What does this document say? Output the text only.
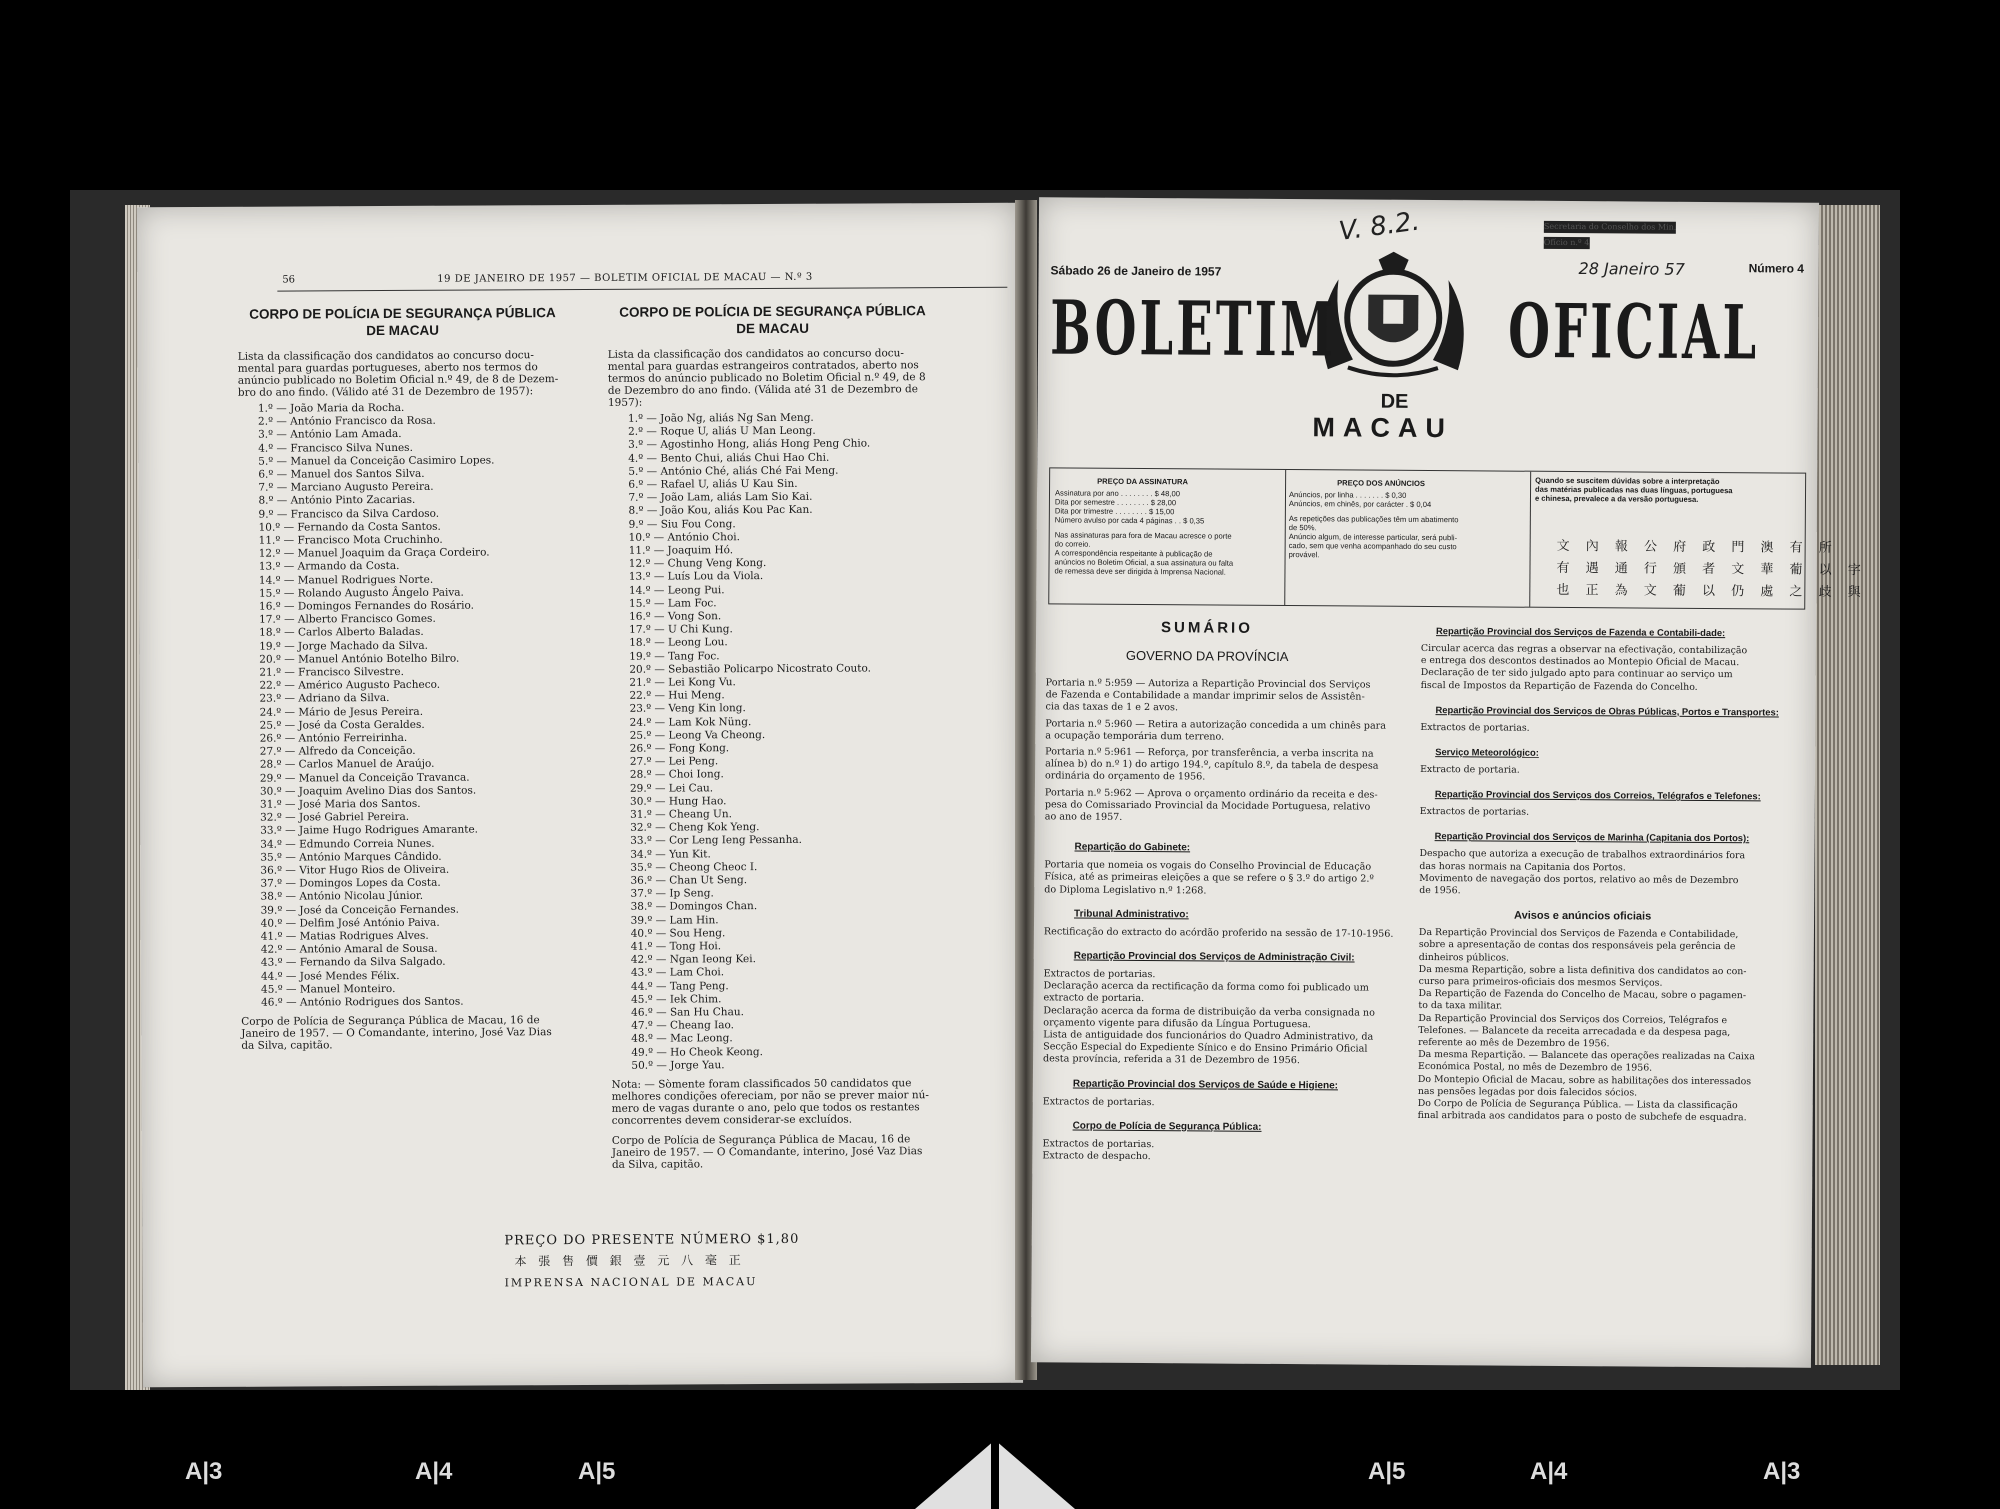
56	19 DE JANEIRO DE 1957 — BOLETIM OFICIAL DE MACAU — N.º 3
PREÇO DO PRESENTE NÚMERO $1,80
本 張 售 價 銀 壹 元 八 毫 正
IMPRENSA NACIONAL DE MACAU
CORPO DE POLÍCIA DE SEGURANÇA PÚBLICA
DE MACAU
Lista da classificação dos candidatos ao concurso docu-
mental para guardas portugueses, aberto nos termos do
anúncio publicado no Boletim Oficial n.º 49, de 8 de Dezem-
bro do ano findo. (Válido até 31 de Dezembro de 1957):
1.º — João Maria da Rocha.
2.º — António Francisco da Rosa.
3.º — António Lam Amada.
4.º — Francisco Silva Nunes.
5.º — Manuel da Conceição Casimiro Lopes.
6.º — Manuel dos Santos Silva.
7.º — Marciano Augusto Pereira.
8.º — António Pinto Zacarias.
9.º — Francisco da Silva Cardoso.
10.º — Fernando da Costa Santos.
11.º — Francisco Mota Cruchinho.
12.º — Manuel Joaquim da Graça Cordeiro.
13.º — Armando da Costa.
14.º — Manuel Rodrigues Norte.
15.º — Rolando Augusto Ângelo Paiva.
16.º — Domingos Fernandes do Rosário.
17.º — Alberto Francisco Gomes.
18.º — Carlos Alberto Baladas.
19.º — Jorge Machado da Silva.
20.º — Manuel António Botelho Bilro.
21.º — Francisco Silvestre.
22.º — Américo Augusto Pacheco.
23.º — Adriano da Silva.
24.º — Mário de Jesus Pereira.
25.º — José da Costa Geraldes.
26.º — António Ferreirinha.
27.º — Alfredo da Conceição.
28.º — Carlos Manuel de Araújo.
29.º — Manuel da Conceição Travanca.
30.º — Joaquim Avelino Dias dos Santos.
31.º — José Maria dos Santos.
32.º — José Gabriel Pereira.
33.º — Jaime Hugo Rodrigues Amarante.
34.º — Edmundo Correia Nunes.
35.º — António Marques Cândido.
36.º — Vitor Hugo Rios de Oliveira.
37.º — Domingos Lopes da Costa.
38.º — António Nicolau Júnior.
39.º — José da Conceição Fernandes.
40.º — Delfim José António Paiva.
41.º — Matias Rodrigues Alves.
42.º — António Amaral de Sousa.
43.º — Fernando da Silva Salgado.
44.º — José Mendes Félix.
45.º — Manuel Monteiro.
46.º — António Rodrigues dos Santos.
Corpo de Polícia de Segurança Pública de Macau, 16 de
Janeiro de 1957. — O Comandante, interino, José Vaz Dias
da Silva, capitão.
CORPO DE POLÍCIA DE SEGURANÇA PÚBLICA
DE MACAU
Lista da classificação dos candidatos ao concurso docu-
mental para guardas estrangeiros contratados, aberto nos
termos do anúncio publicado no Boletim Oficial n.º 49, de 8
de Dezembro do ano findo. (Válida até 31 de Dezembro de
1957):
1.º — João Ng, aliás Ng San Meng.
2.º — Roque U, aliás U Man Leong.
3.º — Agostinho Hong, aliás Hong Peng Chio.
4.º — Bento Chui, aliás Chui Hao Chi.
5.º — António Ché, aliás Ché Fai Meng.
6.º — Rafael U, aliás U Kau Sin.
7.º — João Lam, aliás Lam Sio Kai.
8.º — João Kou, aliás Kou Pac Kan.
9.º — Siu Fou Cong.
10.º — António Choi.
11.º — Joaquim Hó.
12.º — Chung Veng Kong.
13.º — Luís Lou da Viola.
14.º — Leong Pui.
15.º — Lam Foc.
16.º — Vong Son.
17.º — U Chi Kung.
18.º — Leong Lou.
19.º — Tang Foc.
20.º — Sebastião Policarpo Nicostrato Couto.
21.º — Lei Kong Vu.
22.º — Hui Meng.
23.º — Veng Kin long.
24.º — Lam Kok Nüng.
25.º — Leong Va Cheong.
26.º — Fong Kong.
27.º — Lei Peng.
28.º — Choi Iong.
29.º — Lei Cau.
30.º — Hung Hao.
31.º — Cheang Un.
32.º — Cheng Kok Yeng.
33.º — Cor Leng Ieng Pessanha.
34.º — Yun Kit.
35.º — Cheong Cheoc I.
36.º — Chan Ut Seng.
37.º — Ip Seng.
38.º — Domingos Chan.
39.º — Lam Hin.
40.º — Sou Heng.
41.º — Tong Hoi.
42.º — Ngan Ieong Kei.
43.º — Lam Choi.
44.º — Tang Peng.
45.º — Iek Chim.
46.º — San Hu Chau.
47.º — Cheang Iao.
48.º — Mac Leong.
49.º — Ho Cheok Keong.
50.º — Jorge Yau.
Nota: — Sòmente foram classificados 50 candidatos que
melhores condições ofereciam, por não se prever maior nú-
mero de vagas durante o ano, pelo que todos os restantes
concorrentes devem considerar-se excluídos.
Corpo de Polícia de Segurança Pública de Macau, 16 de
Janeiro de 1957. — O Comandante, interino, José Vaz Dias
da Silva, capitão.
Sábado 26 de Janeiro de 1957	Número 4
Secretaria do Conselho dos Min.
Ofício n.º 4
V. 8.2.
28 Janeiro 57
BOLETIM	OFICIAL
DE
MACAU
SUMÁRIO
GOVERNO DA PROVÍNCIA
PREÇO DA ASSINATURA
Assinatura por ano . . . . . . . . $ 48,00
Dita por semestre . . . . . . . . $ 28,00
Dita por trimestre . . . . . . . . $ 15,00
Número avulso por cada 4 páginas . . $ 0,35
Nas assinaturas para fora de Macau acresce o porte
do correio.
A correspondência respeitante à publicação de
anúncios no Boletim Oficial, a sua assinatura ou falta
de remessa deve ser dirigida à Imprensa Nacional.
PREÇO DOS ANÚNCIOS
Anúncios, por linha . . . . . . . $ 0,30
Anúncios, em chinês, por carácter . $ 0,04
As repetições das publicações têm um abatimento
de 50%.
Anúncio algum, de interesse particular, será publi-
cado, sem que venha acompanhado do seu custo
provável.
Quando se suscitem dúvidas sobre a interpretação
das matérias publicadas nas duas línguas, portuguesa
e chinesa, prevalece a da versão portuguesa.
文 內 報 公 府 政 門 澳 有 所
有 遇 通 行 頒 者 文 華 葡 以 字
也 正 為 文 葡 以 仍 處 之 歧 與
Portaria n.º 5:959 — Autoriza a Repartição Provincial dos Serviços
de Fazenda e Contabilidade a mandar imprimir selos de Assistên-
cia das taxas de 1 e 2 avos.
Portaria n.º 5:960 — Retira a autorização concedida a um chinês para
a ocupação temporária dum terreno.
Portaria n.º 5:961 — Reforça, por transferência, a verba inscrita na
alínea b) do n.º 1) do artigo 194.º, capítulo 8.º, da tabela de despesa
ordinária do orçamento de 1956.
Portaria n.º 5:962 — Aprova o orçamento ordinário da receita e des-
pesa do Comissariado Provincial da Mocidade Portuguesa, relativo
ao ano de 1957.
Repartição do Gabinete:
Portaria que nomeia os vogais do Conselho Provincial de Educação
Física, até as primeiras eleições a que se refere o § 3.º do artigo 2.º
do Diploma Legislativo n.º 1:268.
Tribunal Administrativo:
Rectificação do extracto do acórdão proferido na sessão de 17-10-1956.
Repartição Provincial dos Serviços de Administração Civil:
Extractos de portarias.
Declaração acerca da rectificação da forma como foi publicado um
extracto de portaria.
Declaração acerca da forma de distribuição da verba consignada no
orçamento vigente para difusão da Língua Portuguesa.
Lista de antiguidade dos funcionários do Quadro Administrativo, da
Secção Especial do Expediente Sínico e do Ensino Primário Oficial
desta província, referida a 31 de Dezembro de 1956.
Repartição Provincial dos Serviços de Saúde e Higiene:
Extractos de portarias.
Corpo de Polícia de Segurança Pública:
Extractos de portarias.
Extracto de despacho.
Repartição Provincial dos Serviços de Fazenda e Contabili-dade:
Circular acerca das regras a observar na efectivação, contabilização
e entrega dos descontos destinados ao Montepio Oficial de Macau.
Declaração de ter sido julgado apto para continuar ao serviço um
fiscal de Impostos da Repartição de Fazenda do Concelho.
Repartição Provincial dos Serviços de Obras Públicas, Portos e Transportes:
Extractos de portarias.
Serviço Meteorológico:
Extracto de portaria.
Repartição Provincial dos Serviços dos Correios, Telégrafos e Telefones:
Extractos de portarias.
Repartição Provincial dos Serviços de Marinha (Capitania dos Portos):
Despacho que autoriza a execução de trabalhos extraordinários fora
das horas normais na Capitania dos Portos.
Movimento de navegação dos portos, relativo ao mês de Dezembro
de 1956.
Avisos e anúncios oficiais
Da Repartição Provincial dos Serviços de Fazenda e Contabilidade,
sobre a apresentação de contas dos responsáveis pela gerência de
dinheiros públicos.
Da mesma Repartição, sobre a lista definitiva dos candidatos ao con-
curso para primeiros-oficiais dos mesmos Serviços.
Da Repartição de Fazenda do Concelho de Macau, sobre o pagamen-
to da taxa militar.
Da Repartição Provincial dos Serviços dos Correios, Telégrafos e
Telefones. — Balancete da receita arrecadada e da despesa paga,
referente ao mês de Dezembro de 1956.
Da mesma Repartição. — Balancete das operações realizadas na Caixa
Económica Postal, no mês de Dezembro de 1956.
Do Montepio Oficial de Macau, sobre as habilitações dos interessados
nas pensões legadas por dois falecidos sócios.
Do Corpo de Polícia de Segurança Pública. — Lista da classificação
final arbitrada aos candidatos para o posto de subchefe de esquadra.
A|3	A|4	A|5	A|5	A|4	A|3
